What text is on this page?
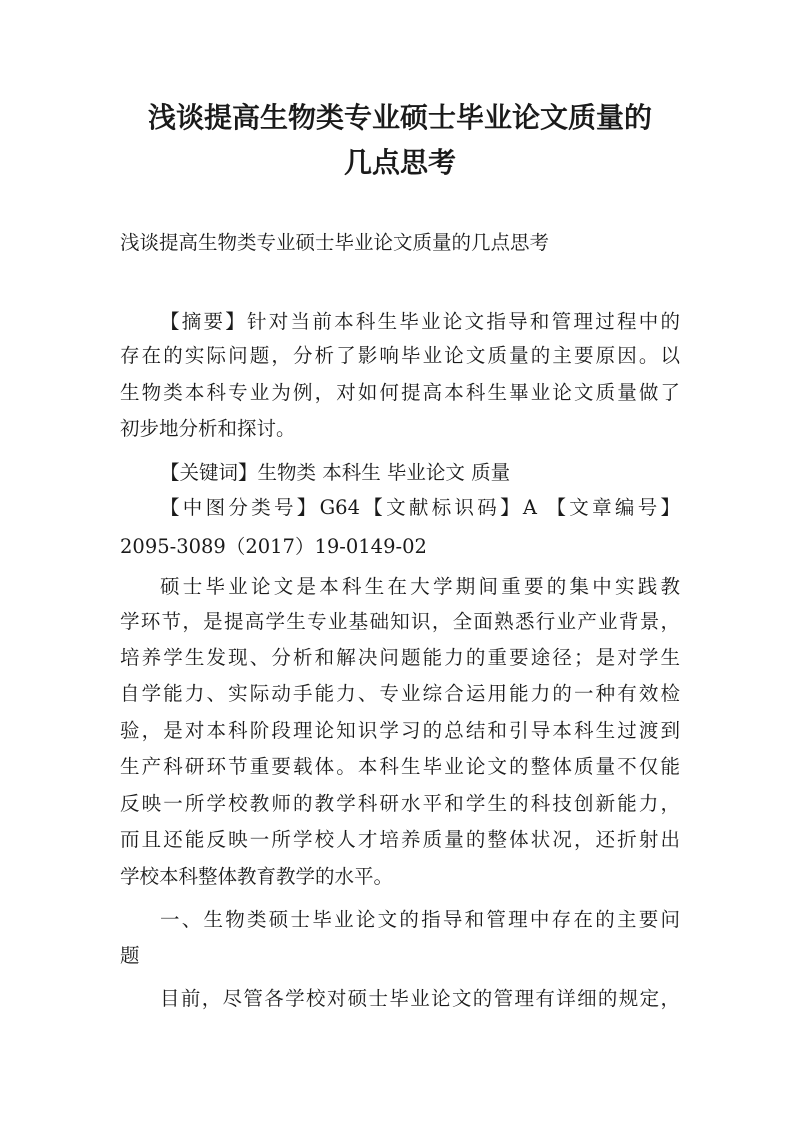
浅谈提高生物类专业硕士毕业论文质量的
几点思考
浅谈提高生物类专业硕士毕业论文质量的几点思考
【摘要】针对当前本科生毕业论文指导和管理过程中的
存在的实际问题，分析了影响毕业论文质量的主要原因。以
生物类本科专业为例，对如何提高本科生畢业论文质量做了
初步地分析和探讨。
【关键词】生物类 本科生 毕业论文 质量
【中图分类号】G64【文献标识码】A 【文章编号】
2095-3089（2017）19-0149-02
硕士毕业论文是本科生在大学期间重要的集中实践教
学环节，是提高学生专业基础知识，全面熟悉行业产业背景，
培养学生发现、分析和解决问题能力的重要途径；是对学生
自学能力、实际动手能力、专业综合运用能力的一种有效检
验，是对本科阶段理论知识学习的总结和引导本科生过渡到
生产科研环节重要载体。本科生毕业论文的整体质量不仅能
反映一所学校教师的教学科研水平和学生的科技创新能力，
而且还能反映一所学校人才培养质量的整体状况，还折射出
学校本科整体教育教学的水平。
一、生物类硕士毕业论文的指导和管理中存在的主要问
题
目前，尽管各学校对硕士毕业论文的管理有详细的规定，
